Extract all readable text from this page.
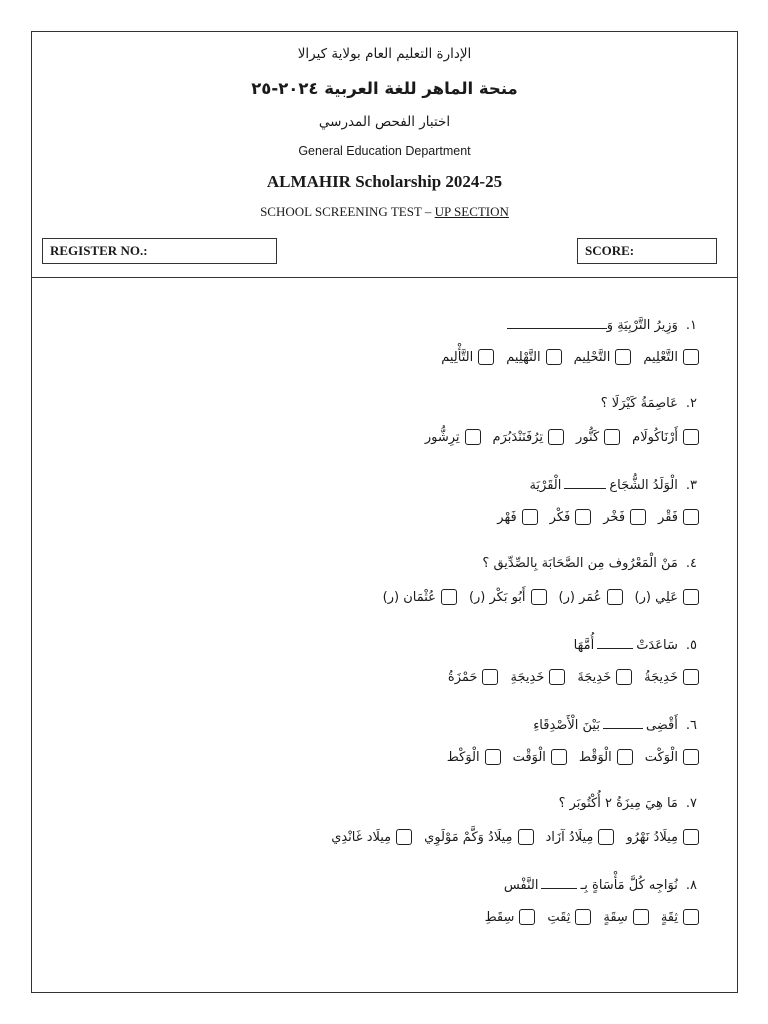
الإدارة التعليم العام بولاية كيرالا
منحة الماهر للغة العربية ٢٠٢٤-٢٥
اختبار الفحص المدرسي
General Education Department
ALMAHIR Scholarship 2024-25
SCHOOL SCREENING TEST – UP SECTION
REGISTER NO.:	SCORE:
١.وَزِيرُ التَّرْبِيَةِ وَ
التَّعْلِيمالتَّحْلِيمالتَّهْلِيمالتَّأْلِيم
٢.عَاصِمَةُ كَيْرَلَا ؟
أَرْنَاكُولَامكَنُّورتِرُفَنَنْدَبُرَمتِرِشُّور
٣.الْوَلَدُ الشُّجَاعالْقَرْيَة
فَقْرفَخْرفَكْرفَهْر
٤.مَنْ الْمَعْرُوف مِن الصَّحَابَة بِالصِّدِّيق ؟
عَلِي (ر)عُمَر (ر)أَبُو بَكْر (ر)عُثْمَان (ر)
٥.سَاعَدَتْأُمَّهَا
خَدِيجَةُخَدِيجَةَخَدِيجَةِحَمْزَةُ
٦.أَقْضِىبَيْنَ الْأَصْدِقَاءِ
الْوَكْتالْوَقْطالْوَقْتالْوَكْط
٧.مَا هِيَ مِيزَةُ ٢ أُكْتُوبَر ؟
مِيلَادُ نَهْرُومِيلَادُ آزَادمِيلَادُ وَكَّمْ مَوْلَوِيمِيلَاد غَانْدِي
٨.نُوَاجِه كُلَّ مَأْسَاةٍ بِـالنَّفْس
ثِقَةٍسِقَةٍثِقَتِسِقَطِ
